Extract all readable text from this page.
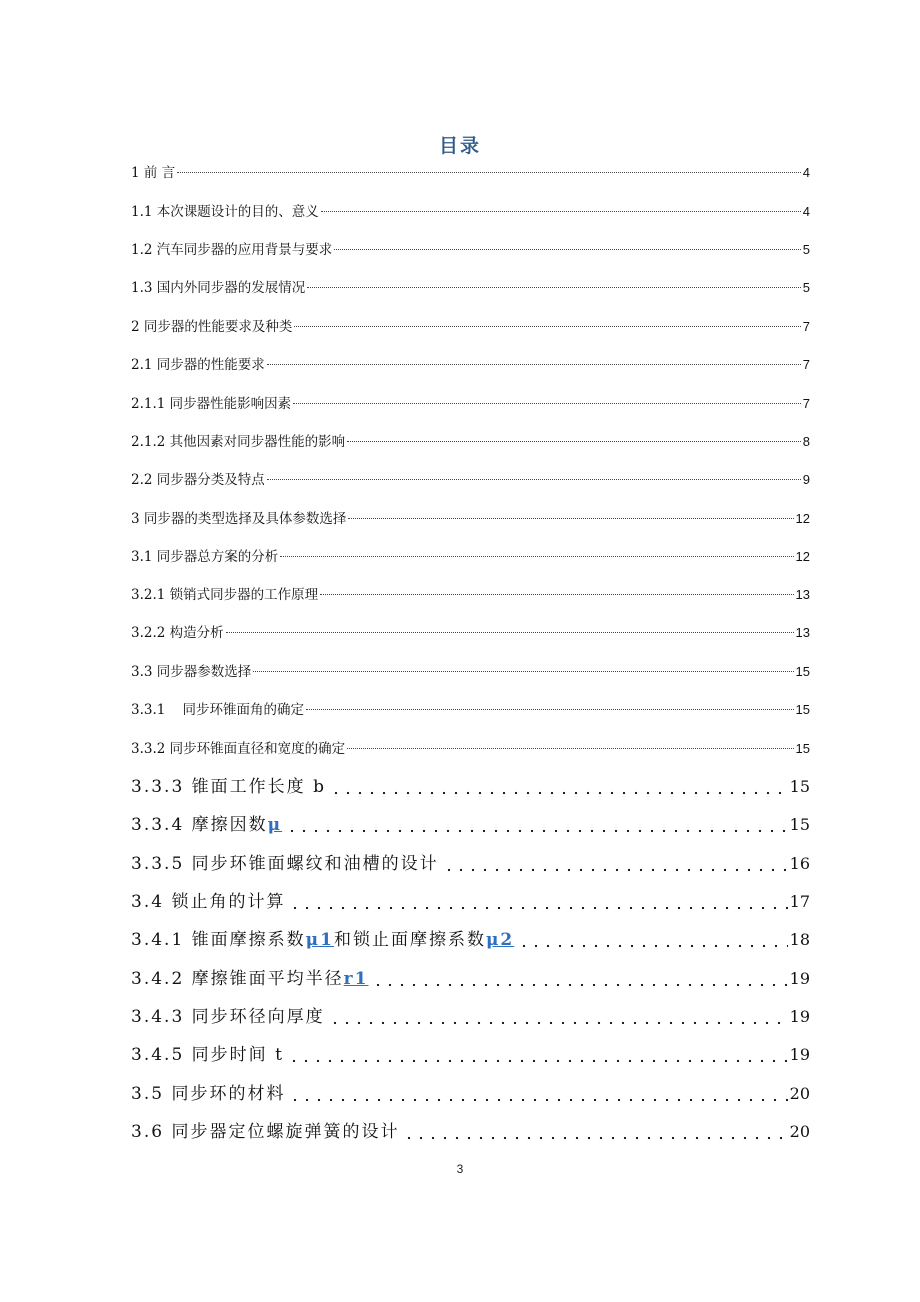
目录
1 前 言	4
1.1 本次课题设计的目的、意义	4
1.2 汽车同步器的应用背景与要求	5
1.3 国内外同步器的发展情况	5
2 同步器的性能要求及种类	7
2.1 同步器的性能要求	7
2.1.1 同步器性能影响因素	7
2.1.2 其他因素对同步器性能的影响	8
2.2 同步器分类及特点	9
3 同步器的类型选择及具体参数选择	12
3.1 同步器总方案的分析	12
3.2.1 锁销式同步器的工作原理	13
3.2.2 构造分析	13
3.3 同步器参数选择	15
3.3.1    同步环锥面角的确定	15
3.3.2 同步环锥面直径和宽度的确定	15
3.3.3 锥面工作长度 b	15
3.3.4 摩擦因数μ	15
3.3.5 同步环锥面螺纹和油槽的设计	16
3.4 锁止角的计算	17
3.4.1 锥面摩擦系数μ1和锁止面摩擦系数μ2	18
3.4.2 摩擦锥面平均半径r1	19
3.4.3 同步环径向厚度	19
3.4.5 同步时间 t	19
3.5 同步环的材料	20
3.6 同步器定位螺旋弹簧的设计	20
3
